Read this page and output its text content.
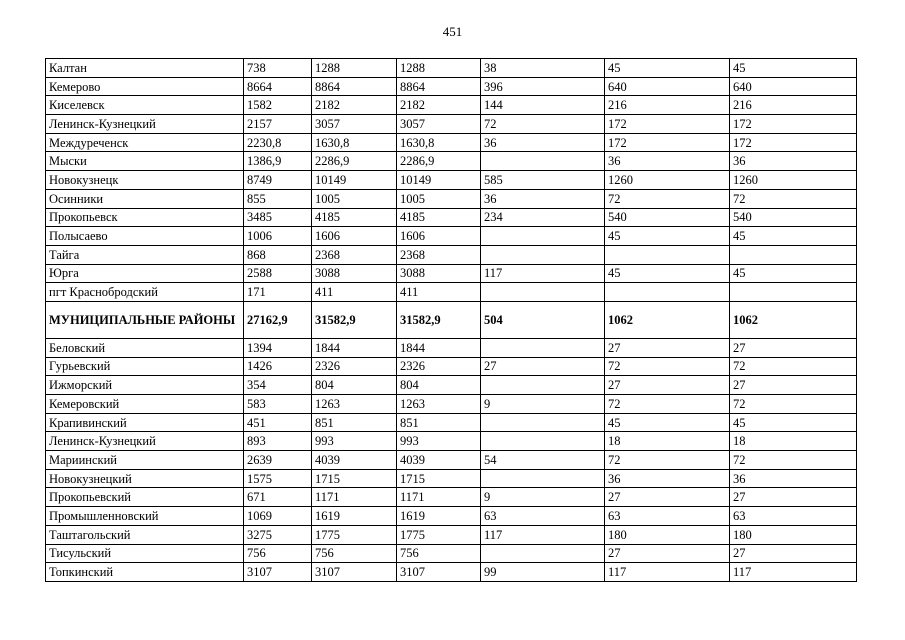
451
Калтан	738	1288	1288	38	45	45
Кемерово	8664	8864	8864	396	640	640
Киселевск	1582	2182	2182	144	216	216
Ленинск-Кузнецкий	2157	3057	3057	72	172	172
Междуреченск	2230,8	1630,8	1630,8	36	172	172
Мыски	1386,9	2286,9	2286,9		36	36
Новокузнецк	8749	10149	10149	585	1260	1260
Осинники	855	1005	1005	36	72	72
Прокопьевск	3485	4185	4185	234	540	540
Полысаево	1006	1606	1606		45	45
Тайга	868	2368	2368			
Юрга	2588	3088	3088	117	45	45
пгт Краснобродский	171	411	411			
МУНИЦИПАЛЬНЫЕ РАЙОНЫ	27162,9	31582,9	31582,9	504	1062	1062
Беловский	1394	1844	1844		27	27
Гурьевский	1426	2326	2326	27	72	72
Ижморский	354	804	804		27	27
Кемеровский	583	1263	1263	9	72	72
Крапивинский	451	851	851		45	45
Ленинск-Кузнецкий	893	993	993		18	18
Мариинский	2639	4039	4039	54	72	72
Новокузнецкий	1575	1715	1715		36	36
Прокопьевский	671	1171	1171	9	27	27
Промышленновский	1069	1619	1619	63	63	63
Таштагольский	3275	1775	1775	117	180	180
Тисульский	756	756	756		27	27
Топкинский	3107	3107	3107	99	117	117
